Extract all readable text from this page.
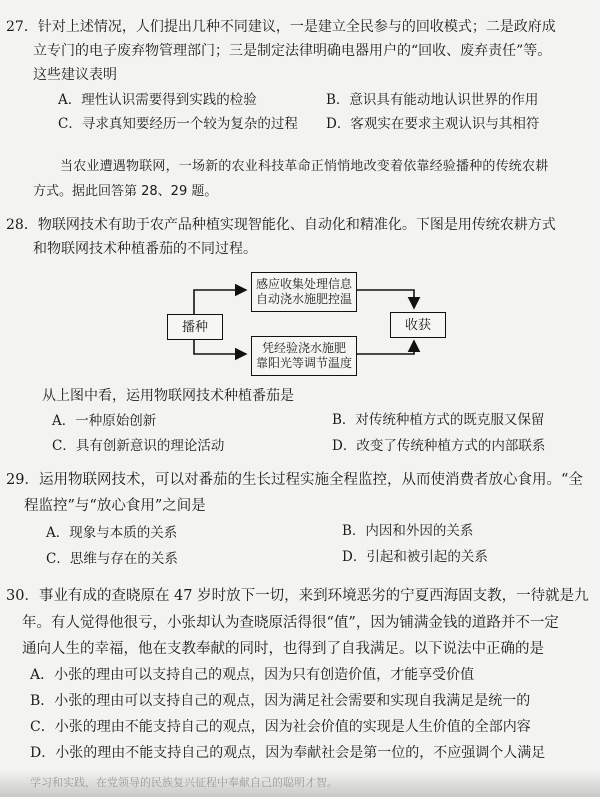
27．针对上述情况，人们提出几种不同建议，一是建立全民参与的回收模式；二是政府成
立专门的电子废弃物管理部门；三是制定法律明确电器用户的“回收、废弃责任”等。
这些建议表明
A．理性认识需要得到实践的检验	B．意识具有能动地认识世界的作用
C．寻求真知要经历一个较为复杂的过程 D．客观实在要求主观认识与其相符
当农业遭遇物联网，一场新的农业科技革命正悄悄地改变着依靠经验播种的传统农耕
方式。据此回答第 28、29 题。
28．物联网技术有助于农产品种植实现智能化、自动化和精准化。下图是用传统农耕方式
和物联网技术种植番茄的不同过程。
感应收集处理信息
自动浇水施肥控温
播种	收获
凭经验浇水施肥
靠阳光等调节温度
从上图中看，运用物联网技术种植番茄是
A．一种原始创新	B．对传统种植方式的既克服又保留
C．具有创新意识的理论活动	D．改变了传统种植方式的内部联系
29．运用物联网技术，可以对番茄的生长过程实施全程监控，从而使消费者放心食用。“全
程监控”与“放心食用”之间是
A．现象与本质的关系	B．内因和外因的关系
C．思维与存在的关系	D．引起和被引起的关系
30．事业有成的查晓原在 47 岁时放下一切，来到环境恶劣的宁夏西海固支教，一待就是九
年。有人觉得他很亏，小张却认为查晓原活得很“值”，因为铺满金钱的道路并不一定
通向人生的幸福，他在支教奉献的同时，也得到了自我满足。以下说法中正确的是
A．小张的理由可以支持自己的观点，因为只有创造价值，才能享受价值
B．小张的理由可以支持自己的观点，因为满足社会需要和实现自我满足是统一的
C．小张的理由不能支持自己的观点，因为社会价值的实现是人生价值的全部内容
D．小张的理由不能支持自己的观点，因为奉献社会是第一位的，不应强调个人满足
学习和实践，在党领导的民族复兴征程中奉献自己的聪明才智。
